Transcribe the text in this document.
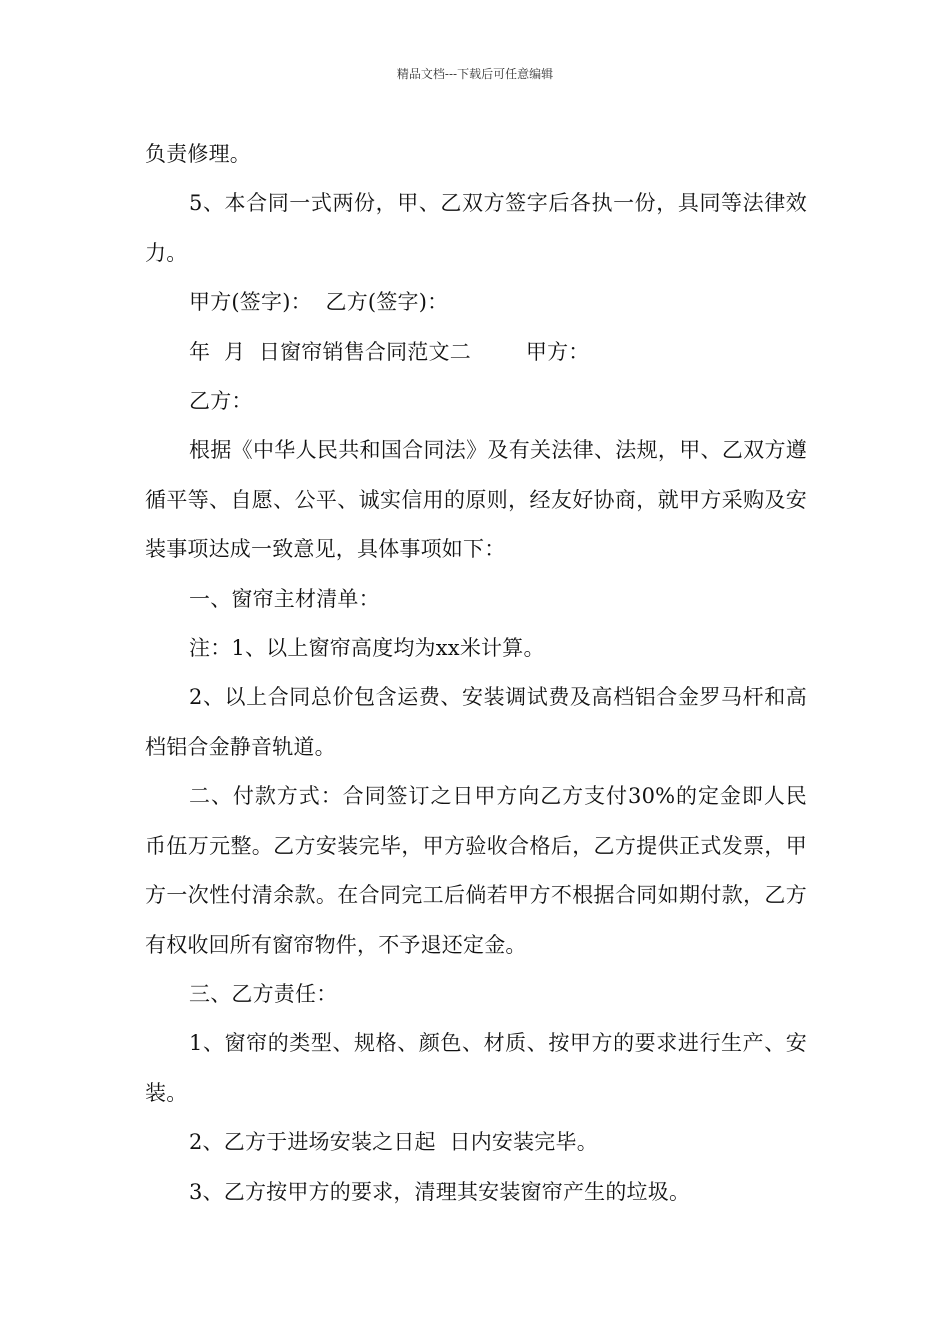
精品文档---下载后可任意编辑

负责修理。

5、本合同一式两份，甲、乙双方签字后各执一份，具同等法律效力。

甲方(签字)：  乙方(签字)：

年  月  日窗帘销售合同范文二        甲方：

乙方：

根据《中华人民共和国合同法》及有关法律、法规，甲、乙双方遵循平等、自愿、公平、诚实信用的原则，经友好协商，就甲方采购及安装事项达成一致意见，具体事项如下：

一、窗帘主材清单：

注：1、以上窗帘高度均为xx米计算。

2、以上合同总价包含运费、安装调试费及高档铝合金罗马杆和高档铝合金静音轨道。

二、付款方式：合同签订之日甲方向乙方支付30%的定金即人民币伍万元整。乙方安装完毕，甲方验收合格后，乙方提供正式发票，甲方一次性付清余款。在合同完工后倘若甲方不根据合同如期付款，乙方有权收回所有窗帘物件，不予退还定金。

三、乙方责任：

1、窗帘的类型、规格、颜色、材质、按甲方的要求进行生产、安装。

2、乙方于进场安装之日起  日内安装完毕。

3、乙方按甲方的要求，清理其安装窗帘产生的垃圾。
